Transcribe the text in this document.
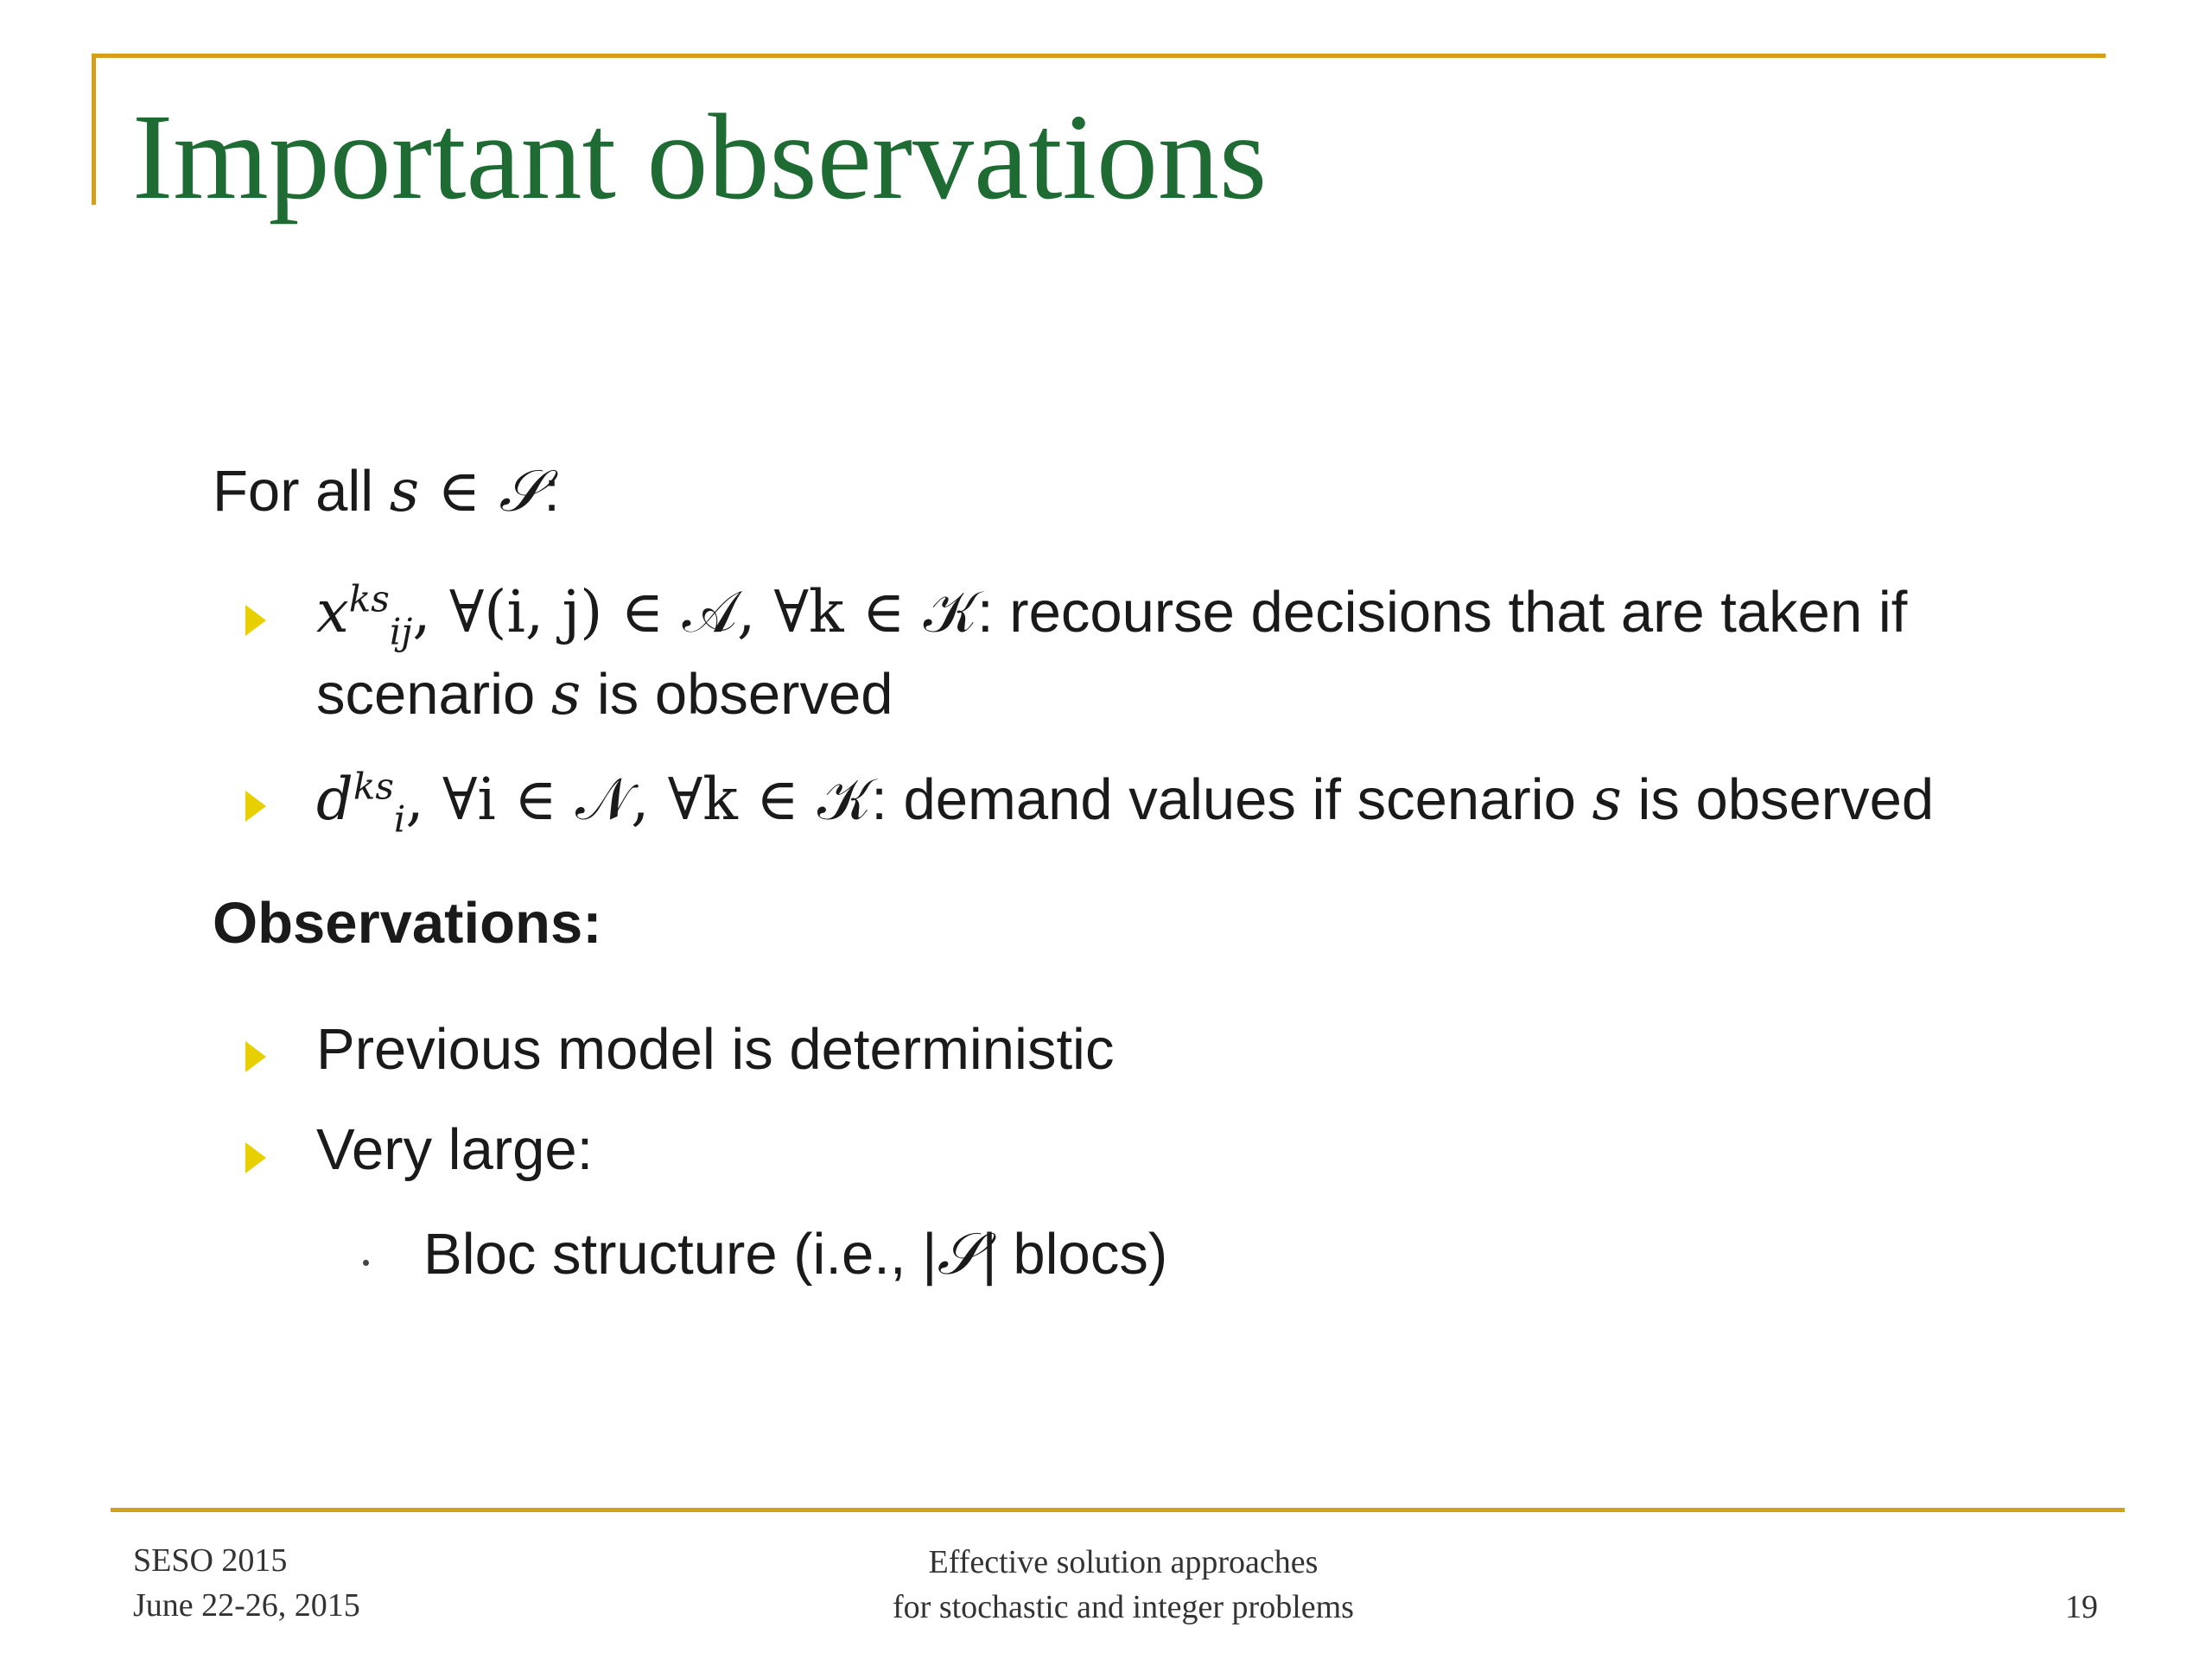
Important observations
For all s ∈ 𝒮:
$x^{ks}_{ij}$, ∀(i, j) ∈ 𝒜, ∀k ∈ 𝒦: recourse decisions that are taken if
scenario s is observed
$d^{ks}_i$, ∀i ∈ 𝒩, ∀k ∈ 𝒦: demand values if scenario s is observed
Observations:
Previous model is deterministic
Very large:
Bloc structure (i.e., |𝒮| blocs)
SESO 2015
June 22-26, 2015
Effective solution approaches
for stochastic and integer problems	19
